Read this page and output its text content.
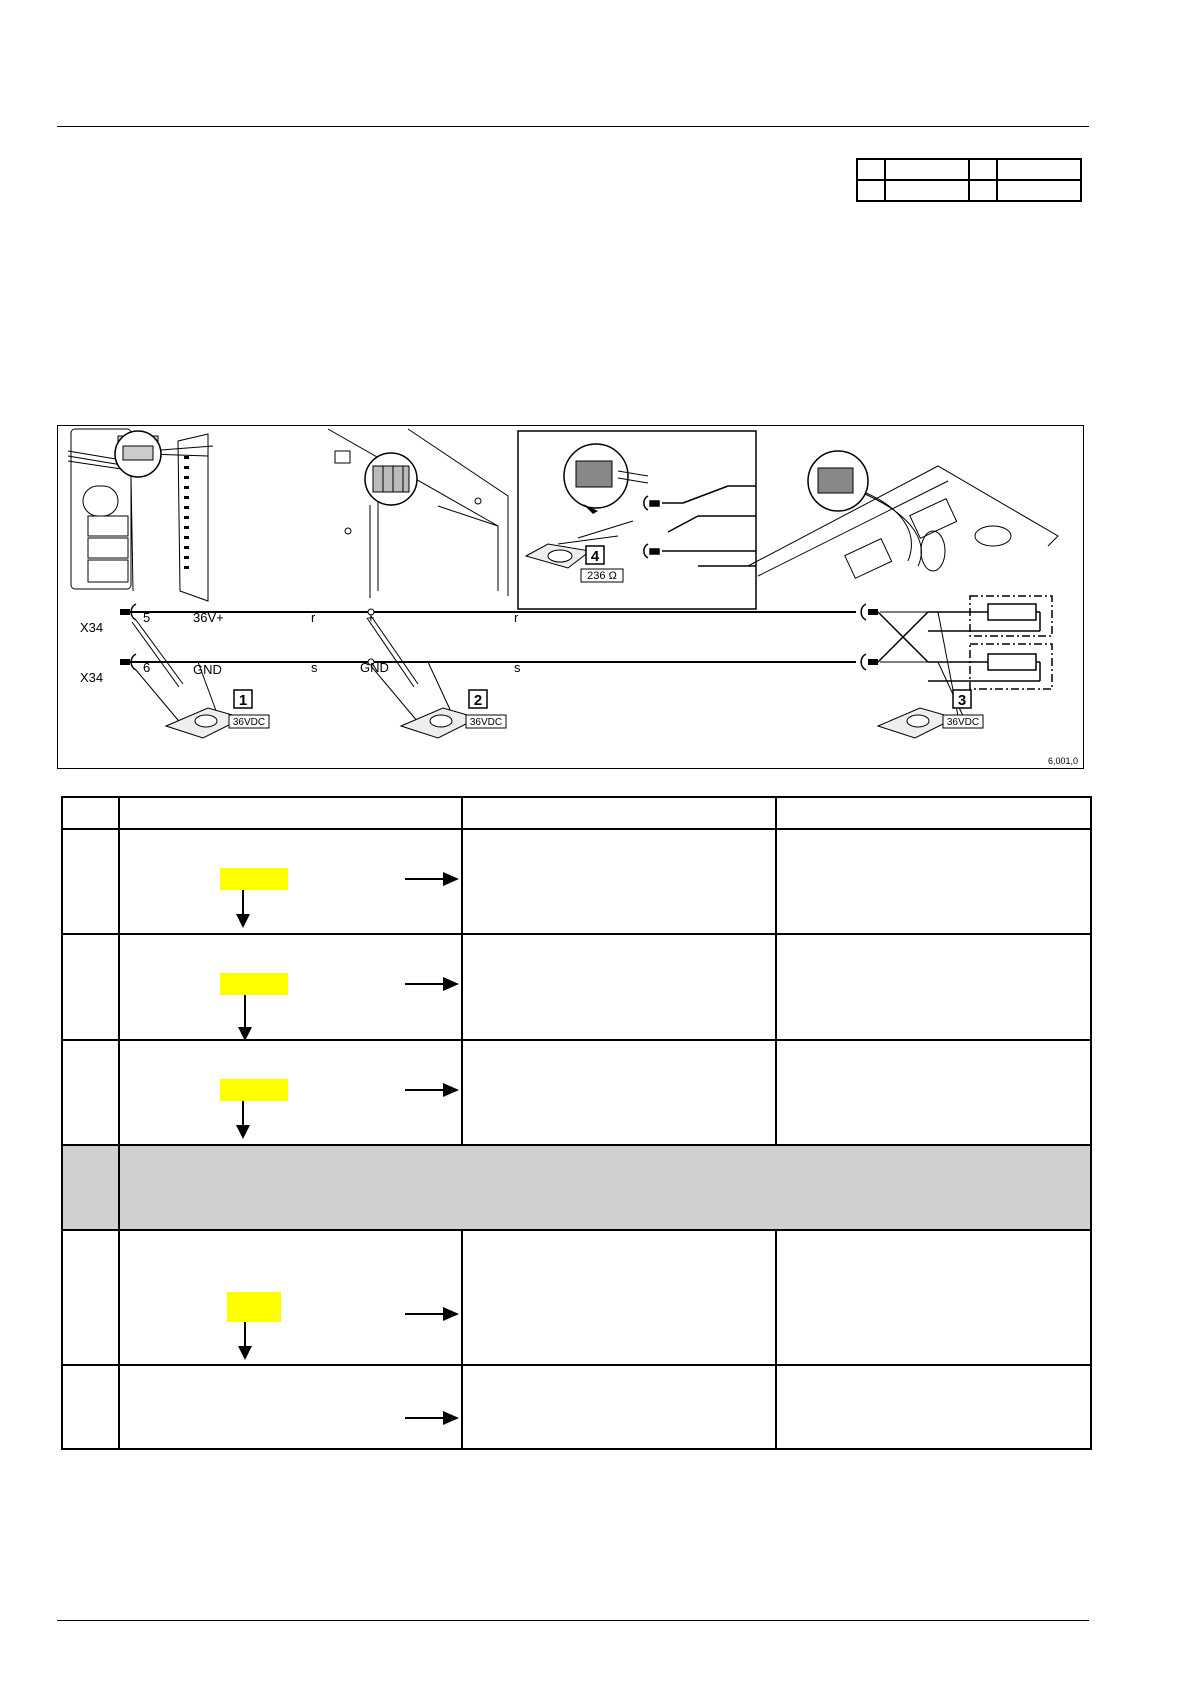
4
236 Ω
1
36VDC
2
36VDC
3
36VDC
X34
X34
5
6
36V+
GND
r
s
+
GND
r
s
6,001,0
